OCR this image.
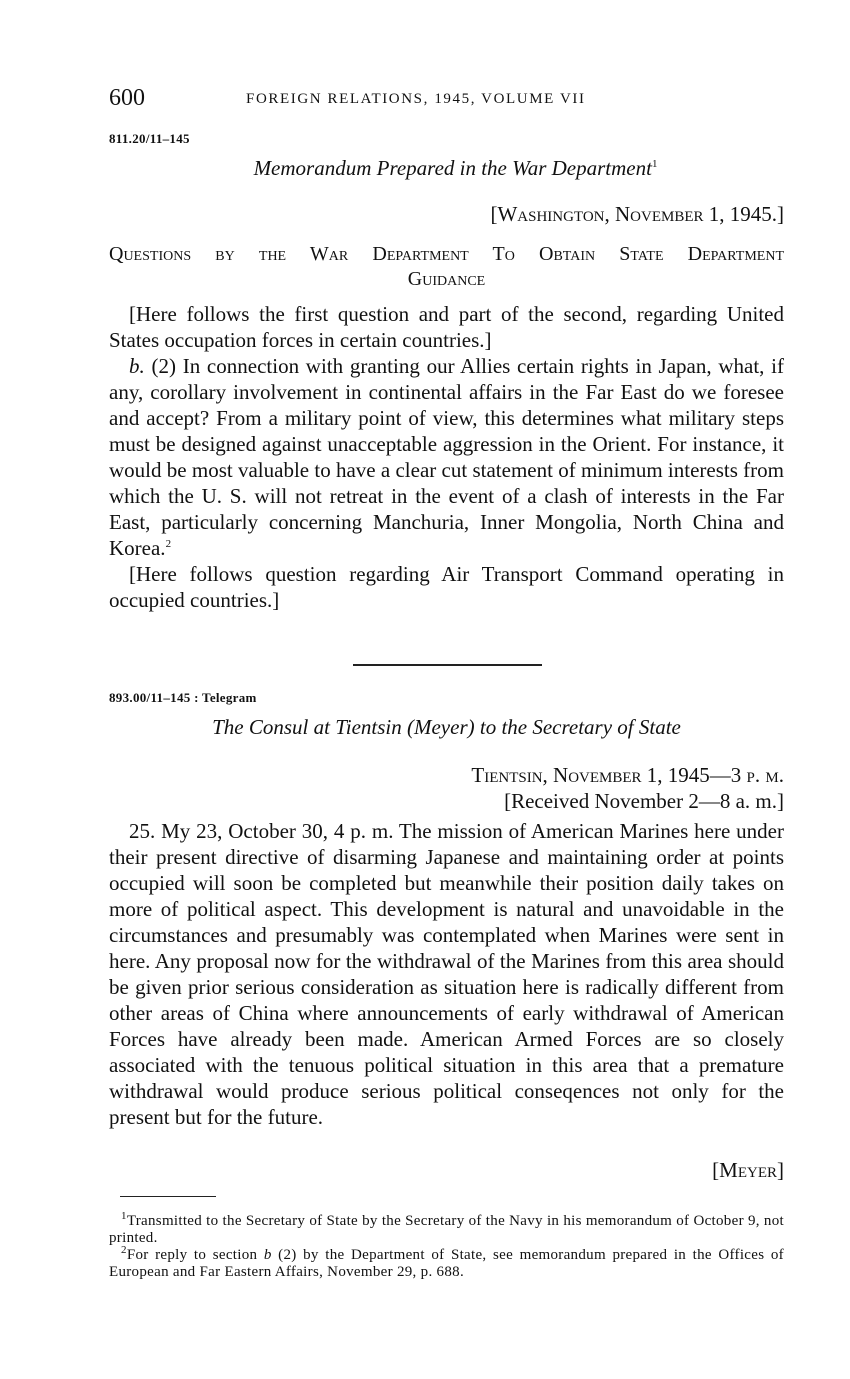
600	FOREIGN RELATIONS, 1945, VOLUME VII
811.20/11–145
Memorandum Prepared in the War Department$^1$
[Washington, November 1, 1945.]
Questions by the War Department To Obtain State Department
Guidance

[Here follows the first question and part of the second, regarding United States occupation forces in certain countries.]

b. (2) In connection with granting our Allies certain rights in Japan, what, if any, corollary involvement in continental affairs in the Far East do we foresee and accept? From a military point of view, this determines what military steps must be designed against unacceptable aggression in the Orient. For instance, it would be most valuable to have a clear cut statement of minimum interests from which the U. S. will not retreat in the event of a clash of interests in the Far East, particularly concerning Manchuria, Inner Mongolia, North China and Korea.$^2$

[Here follows question regarding Air Transport Command operating in occupied countries.]

893.00/11–145 : Telegram
The Consul at Tientsin (Meyer) to the Secretary of State
Tientsin, November 1, 1945—3 p. m.
[Received November 2—8 a. m.]

25. My 23, October 30, 4 p. m. The mission of American Marines here under their present directive of disarming Japanese and maintaining order at points occupied will soon be completed but meanwhile their position daily takes on more of political aspect. This development is natural and unavoidable in the circumstances and presumably was contemplated when Marines were sent in here. Any proposal now for the withdrawal of the Marines from this area should be given prior serious consideration as situation here is radically different from other areas of China where announcements of early withdrawal of American Forces have already been made. American Armed Forces are so closely associated with the tenuous political situation in this area that a premature withdrawal would produce serious political conseqences not only for the present but for the future.

[Meyer]

$^1$Transmitted to the Secretary of State by the Secretary of the Navy in his memorandum of October 9, not printed.

$^2$For reply to section b (2) by the Department of State, see memorandum prepared in the Offices of European and Far Eastern Affairs, November 29, p. 688.
